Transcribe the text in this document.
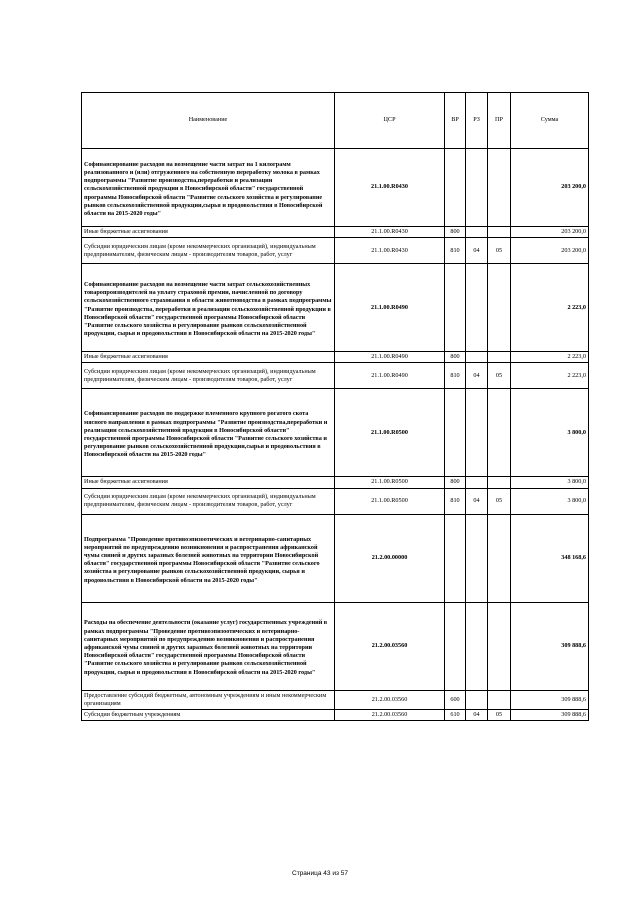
Наименование	ЦСР	ВР	РЗ	ПР	Сумма
Софинансирование расходов на возмещение части затрат на 1 килограмм реализованного и (или) отгруженного на собственную переработку молока в рамках подпрограммы "Развитие производства,переработки и реализации сельскохозяйственной продукции в Новосибирской области" государственной программы Новосибирской области "Развитие сельского хозяйства и регулирование рынков сельскохозяйственной продукции,сырья и продовольствия в Новосибирской области на 2015-2020 годы"	21.1.00.R0430				203 200,0
Иные бюджетные ассигнования	21.1.00.R0430	800			203 200,0
Субсидии юридическим лицам (кроме некоммерческих организаций), индивидуальным предпринимателям, физическим лицам - производителям товаров, работ, услуг	21.1.00.R0430	810	04	05	203 200,0
Софинансирование расходов на возмещение части затрат сельскохозяйственных товаропроизводителей на уплату страховой премии, начисленной по договору сельскохозяйственного страхования в области животноводства в рамках подпрограммы "Развитие производства, переработки и реализации сельскохозяйственной продукции в Новосибирской области" государственной программы Новосибирской области "Развитие сельского хозяйства и регулирование рынков сельскохозяйственной продукции, сырья и продовольствия в Новосибирской области на 2015-2020 годы"	21.1.00.R0490				2 223,0
Иные бюджетные ассигнования	21.1.00.R0490	800			2 223,0
Субсидии юридическим лицам (кроме некоммерческих организаций), индивидуальным предпринимателям, физическим лицам - производителям товаров, работ, услуг	21.1.00.R0490	810	04	05	2 223,0
Софинансирование расходов по поддержке племенного крупного рогатого скота мясного направления в рамках подпрограммы "Развитие производства,переработки и реализации сельскохозяйственной продукции в Новосибирской области" государственной программы Новосибирской области "Развитие сельского хозяйства и регулирование рынков сельскохозяйственной продукции,сырья и продовольствия в Новосибирской области на 2015-2020 годы"	21.1.00.R0500				3 800,0
Иные бюджетные ассигнования	21.1.00.R0500	800			3 800,0
Субсидии юридическим лицам (кроме некоммерческих организаций), индивидуальным предпринимателям, физическим лицам - производителям товаров, работ, услуг	21.1.00.R0500	810	04	05	3 800,0
Подпрограмма "Проведение противоэпизоотических и ветеринарно-санитарных мероприятий по предупреждению возникновения и распространения африканской чумы свиней и других заразных болезней животных на территории Новосибирской области" государственной программы Новосибирской области "Развитие сельского хозяйства и регулирование рынков сельскохозяйственной продукции, сырья и продовольствия в Новосибирской области на 2015-2020 годы"	21.2.00.00000				348 168,6
Расходы на обеспечение деятельности (оказание услуг) государственных учреждений в рамках подпрограммы "Проведение противоэпизоотических и ветеринарно-санитарных мероприятий по предупреждению возникновения и распространения африканской чумы свиней и других заразных болезней животных на территории Новосибирской области" государственной программы Новосибирской области "Развитие сельского хозяйства и регулирование рынков сельскохозяйственной продукции, сырья и продовольствия в Новосибирской области на 2015-2020 годы"	21.2.00.03560				309 888,6
Предоставление субсидий бюджетным, автономным учреждениям и иным некоммерческим организациям	21.2.00.03560	600			309 888,6
Субсидии бюджетным учреждениям	21.2.00.03560	610	04	05	309 888,6
Страница 43 из 57
